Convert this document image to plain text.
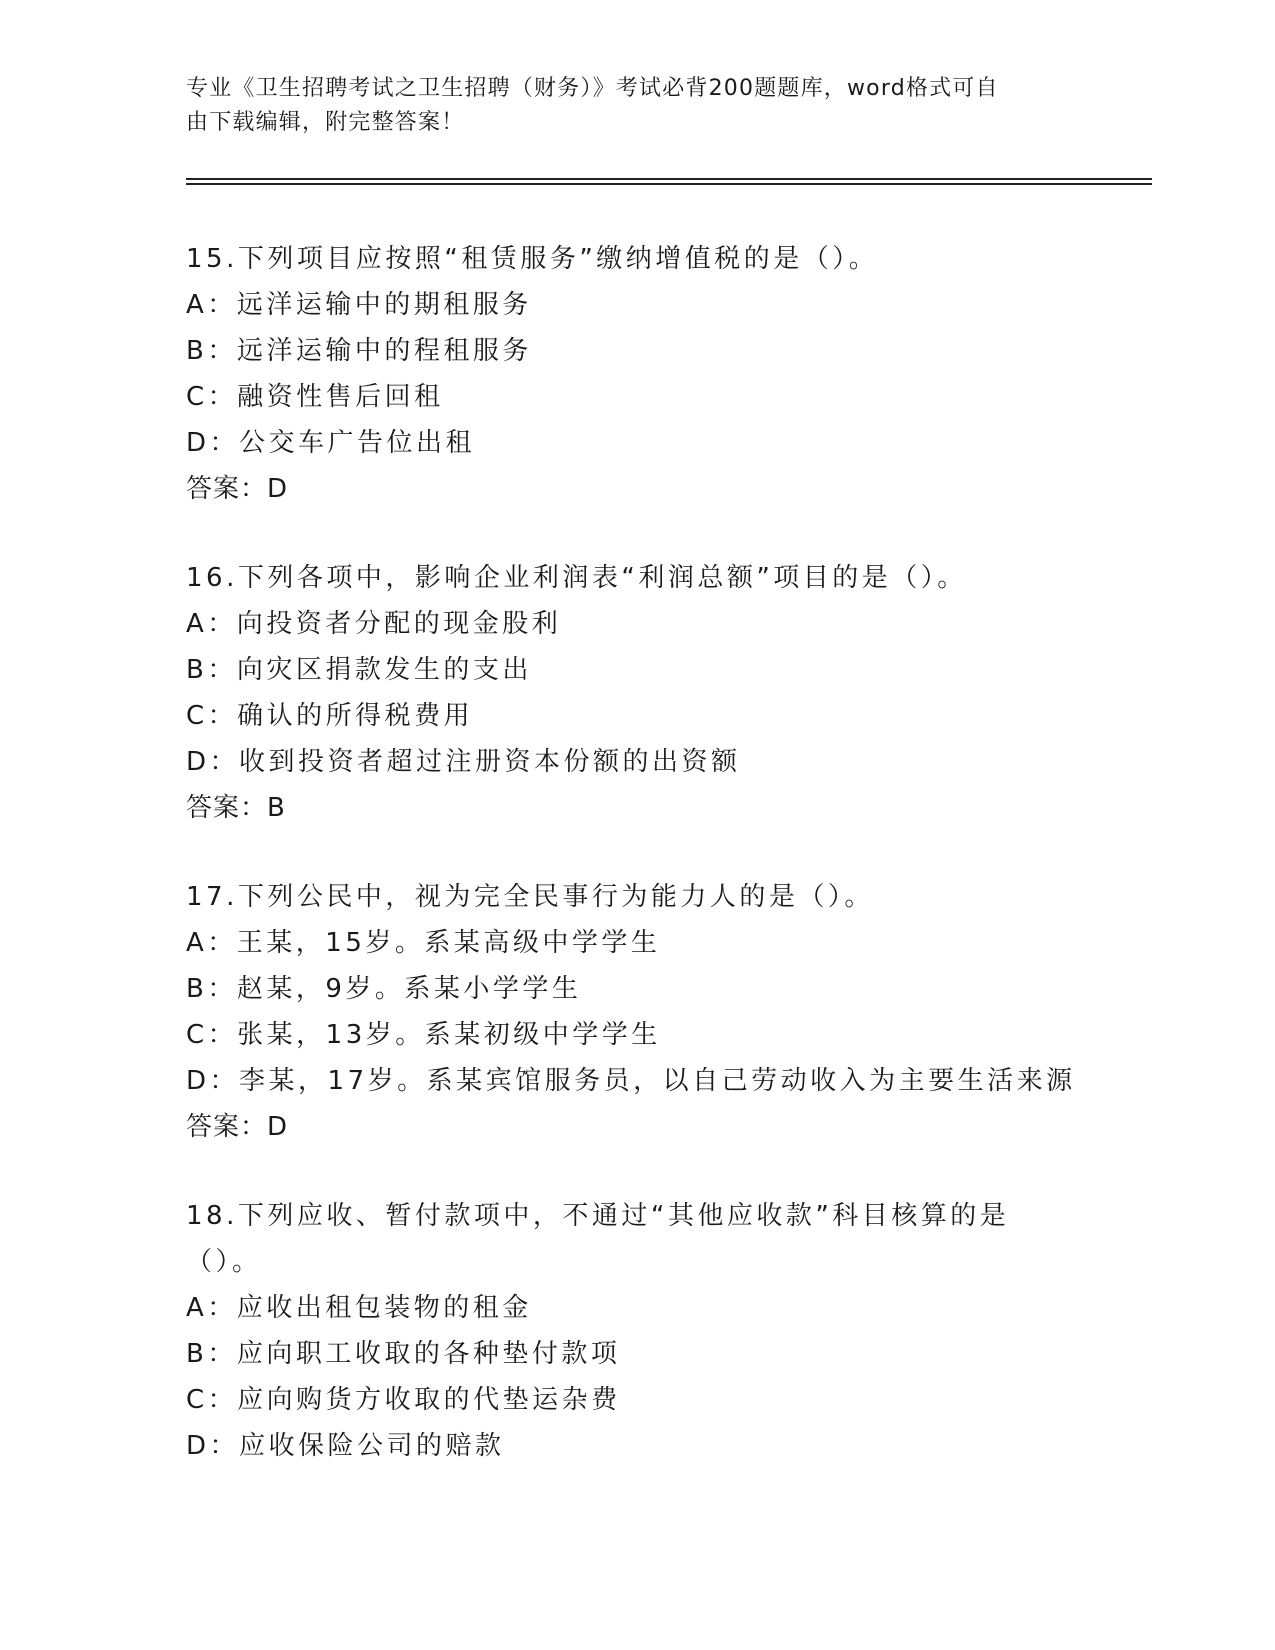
专业《卫生招聘考试之卫生招聘（财务）》考试必背200题题库，word格式可自
由下载编辑，附完整答案！
15.下列项目应按照“租赁服务”缴纳增值税的是（）。
A：远洋运输中的期租服务
B：远洋运输中的程租服务
C：融资性售后回租
D：公交车广告位出租
答案：D
16.下列各项中，影响企业利润表“利润总额”项目的是（）。
A：向投资者分配的现金股利
B：向灾区捐款发生的支出
C：确认的所得税费用
D：收到投资者超过注册资本份额的出资额
答案：B
17.下列公民中，视为完全民事行为能力人的是（）。
A：王某，15岁。系某高级中学学生
B：赵某，9岁。系某小学学生
C：张某，13岁。系某初级中学学生
D：李某，17岁。系某宾馆服务员，以自己劳动收入为主要生活来源
答案：D
18.下列应收、暂付款项中，不通过“其他应收款”科目核算的是（）。
A：应收出租包装物的租金
B：应向职工收取的各种垫付款项
C：应向购货方收取的代垫运杂费
D：应收保险公司的赔款
